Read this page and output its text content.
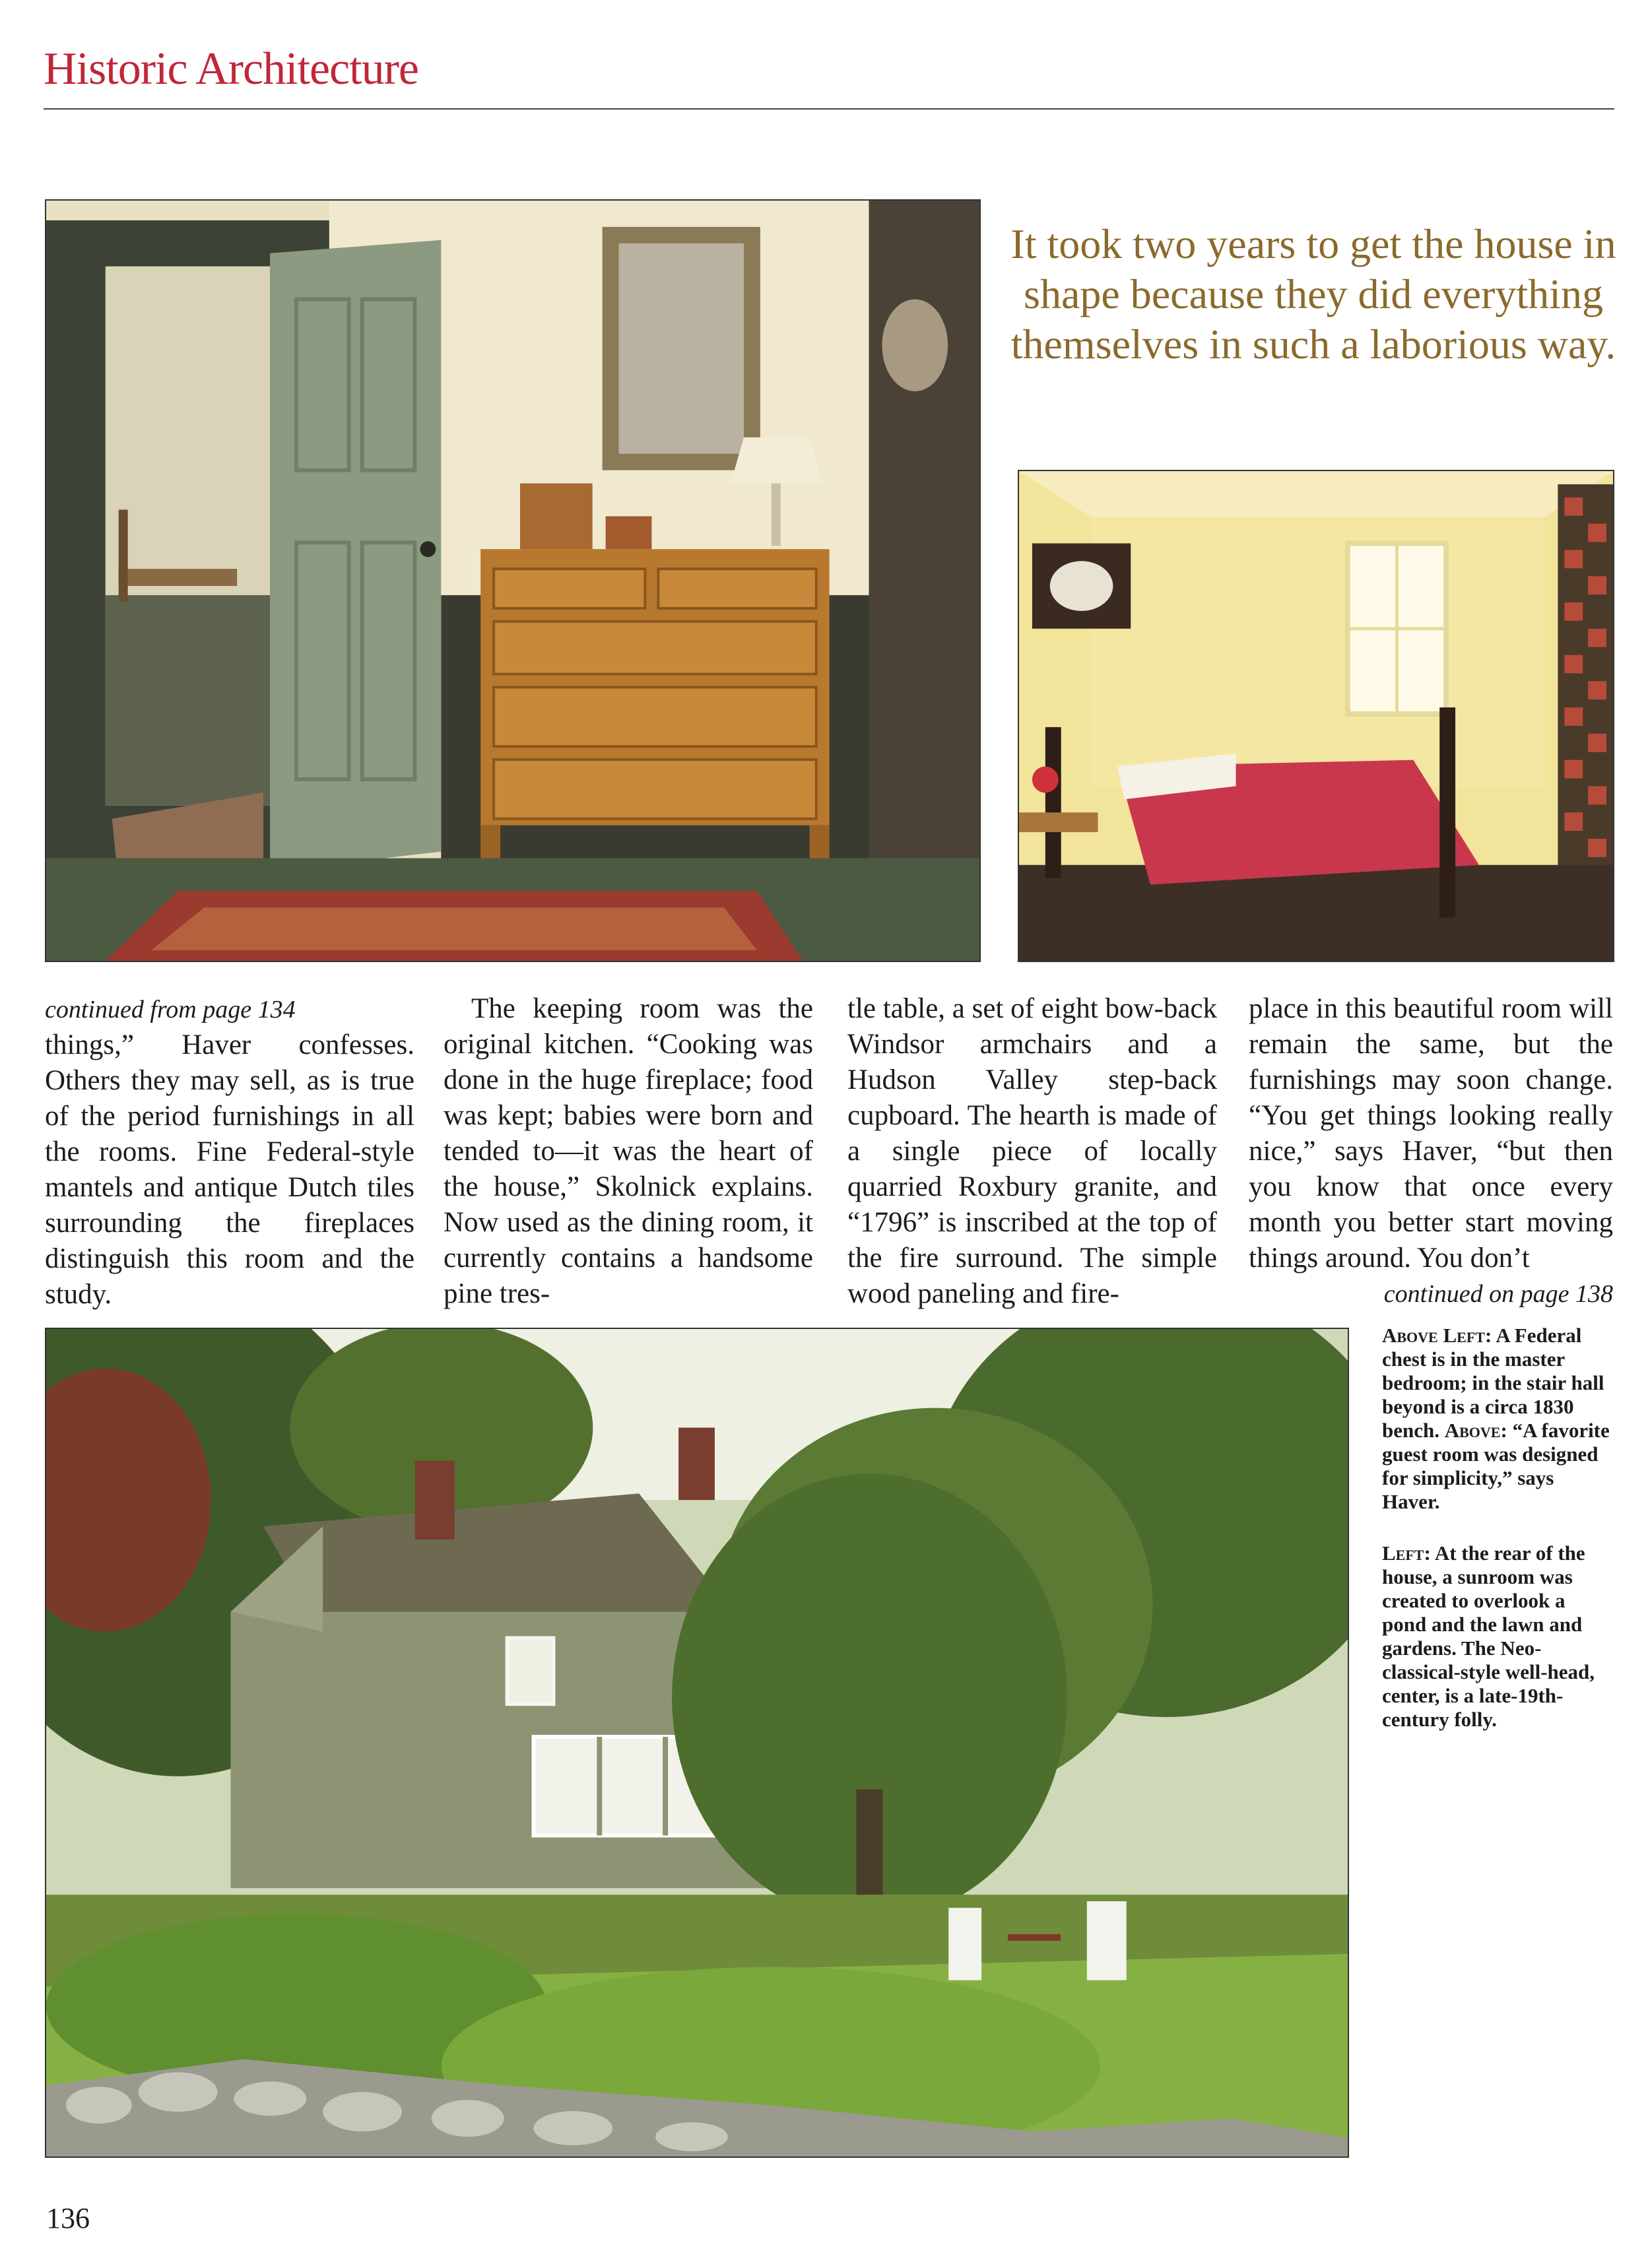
Historic Architecture
It took two years to get the house in shape because they did everything themselves in such a laborious way.
continued from page 134
things,” Haver confesses. Others they may sell, as is true of the period furnishings in all the rooms. Fine Federal-style mantels and antique Dutch tiles surrounding the fireplaces distinguish this room and the study.
The keeping room was the original kitchen. “Cooking was done in the huge fireplace; food was kept; babies were born and tended to—it was the heart of the house,” Skolnick explains. Now used as the dining room, it currently contains a handsome pine tres-
tle table, a set of eight bow-back Windsor armchairs and a Hudson Valley step-back cupboard. The hearth is made of a single piece of locally quarried Roxbury granite, and “1796” is inscribed at the top of the fire surround. The simple wood paneling and fire-
place in this beautiful room will remain the same, but the furnishings may soon change. “You get things looking really nice,” says Haver, “but then you know that once every month you better start moving things around. You don’t
continued on page 138

Above Left: A Federal chest is in the master bedroom; in the stair hall beyond is a circa 1830 bench. Above: “A favorite guest room was designed for simplicity,” says Haver.

Left: At the rear of the house, a sunroom was created to overlook a pond and the lawn and gardens. The Neo-classical-style well-head, center, is a late-19th-century folly.

136
